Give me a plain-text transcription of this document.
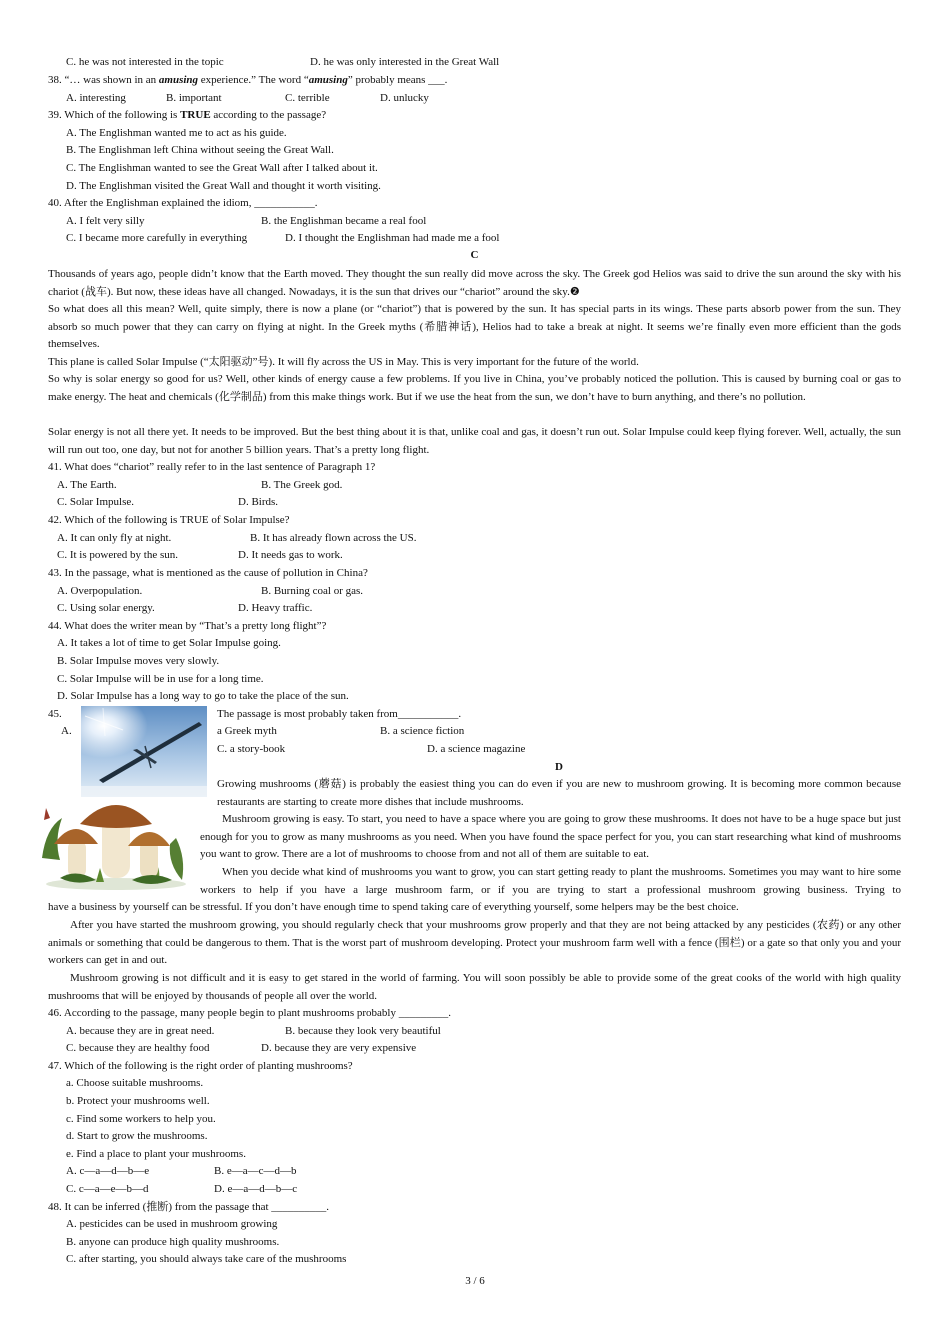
C. he was not interested in the topic	D. he was only interested in the Great Wall
38. “… was shown in an amusing experience.” The word “amusing” probably means ___.
A. interesting	B. important	C. terrible	D. unlucky
39. Which of the following is TRUE according to the passage?
A. The Englishman wanted me to act as his guide.
B. The Englishman left China without seeing the Great Wall.
C. The Englishman wanted to see the Great Wall after I talked about it.
D. The Englishman visited the Great Wall and thought it worth visiting.
40. After the Englishman explained the idiom, ___________.
A. I felt very silly	B. the Englishman became a real fool
C. I became more carefully in everything	D. I thought the Englishman had made me a fool
C
Thousands of years ago, people didn’t know that the Earth moved. They thought the sun really did move across the sky. The Greek god Helios was said to drive the sun around the sky with his chariot (战车). But now, these ideas have all changed. Nowadays, it is the sun that drives our “chariot” around the sky.❷
So what does all this mean? Well, quite simply, there is now a plane (or “chariot”) that is powered by the sun. It has special parts in its wings. These parts absorb power from the sun. They absorb so much power that they can carry on flying at night. In the Greek myths (希腊神话), Helios had to take a break at night. It seems we’re finally even more efficient than the gods themselves.
This plane is called Solar Impulse (“太阳驱动”号). It will fly across the US in May. This is very important for the future of the world.
So why is solar energy so good for us? Well, other kinds of energy cause a few problems. If you live in China, you’ve probably noticed the pollution. This is caused by burning coal or gas to make energy. The heat and chemicals (化学制品) from this make things work. But if we use the heat from the sun, we don’t have to burn anything, and there’s no pollution.
Solar energy is not all there yet. It needs to be improved. But the best thing about it is that, unlike coal and gas, it doesn’t run out. Solar Impulse could keep flying forever. Well, actually, the sun will run out too, one day, but not for another 5 billion years. That’s a pretty long flight.
41. What does “chariot” really refer to in the last sentence of Paragraph 1?
A. The Earth.	B. The Greek god.
C. Solar Impulse.	D. Birds.
42. Which of the following is TRUE of Solar Impulse?
A. It can only fly at night.	B. It has already flown across the US.
C. It is powered by the sun.	D. It needs gas to work.
43. In the passage, what is mentioned as the cause of pollution in China?
A. Overpopulation.	B. Burning coal or gas.
C. Using solar energy.	D. Heavy traffic.
44. What does the writer mean by “That’s a pretty long flight”?
A. It takes a lot of time to get Solar Impulse going.
B. Solar Impulse moves very slowly.
C. Solar Impulse will be in use for a long time.
D. Solar Impulse has a long way to go to take the place of the sun.
45.	The passage is most probably taken from___________.
A.	a Greek myth	B. a science fiction
C. a story-book	D. a science magazine
D
Growing mushrooms (蘑菇) is probably the easiest thing you can do even if you are new to mushroom growing. It is becoming more common because restaurants are starting to create more dishes that include mushrooms.
Mushroom growing is easy. To start, you need to have a space where you are going to grow these mushrooms. It does not have to be a huge space but just enough for you to grow as many mushrooms as you need. When you have found the space perfect for you, you can start researching what kind of mushrooms you want to grow. There are a lot of mushrooms to choose from and not all of them are suitable to eat.
When you decide what kind of mushrooms you want to grow, you can start getting ready to plant the mushrooms. Sometimes you may want to hire some workers to help if you have a large mushroom farm, or if you are trying to start a professional mushroom growing business. Trying to
have a business by yourself can be stressful. If you don’t have enough time to spend taking care of everything yourself, some helpers may be the best choice.
After you have started the mushroom growing, you should regularly check that your mushrooms grow properly and that they are not being attacked by any pesticides (农药) or any other animals or something that could be dangerous to them. That is the worst part of mushroom developing. Protect your mushroom farm well with a fence (围栏) or a gate so that only you and your workers can get in and out.
Mushroom growing is not difficult and it is easy to get stared in the world of farming. You will soon possibly be able to provide some of the great cooks of the world with high quality mushrooms that will be enjoyed by thousands of people all over the world.
46. According to the passage, many people begin to plant mushrooms probably _________.
A. because they are in great need.	B. because they look very beautiful
C. because they are healthy food	D. because they are very expensive
47. Which of the following is the right order of planting mushrooms?
a. Choose suitable mushrooms.
b. Protect your mushrooms well.
c. Find some workers to help you.
d. Start to grow the mushrooms.
e. Find a place to plant your mushrooms.
A. c—a—d—b—e	B. e—a—c—d—b
C. c—a—e—b—d	D. e—a—d—b—c
48. It can be inferred (推断) from the passage that __________.
A. pesticides can be used in mushroom growing
B. anyone can produce high quality mushrooms.
C. after starting, you should always take care of the mushrooms
3 / 6
